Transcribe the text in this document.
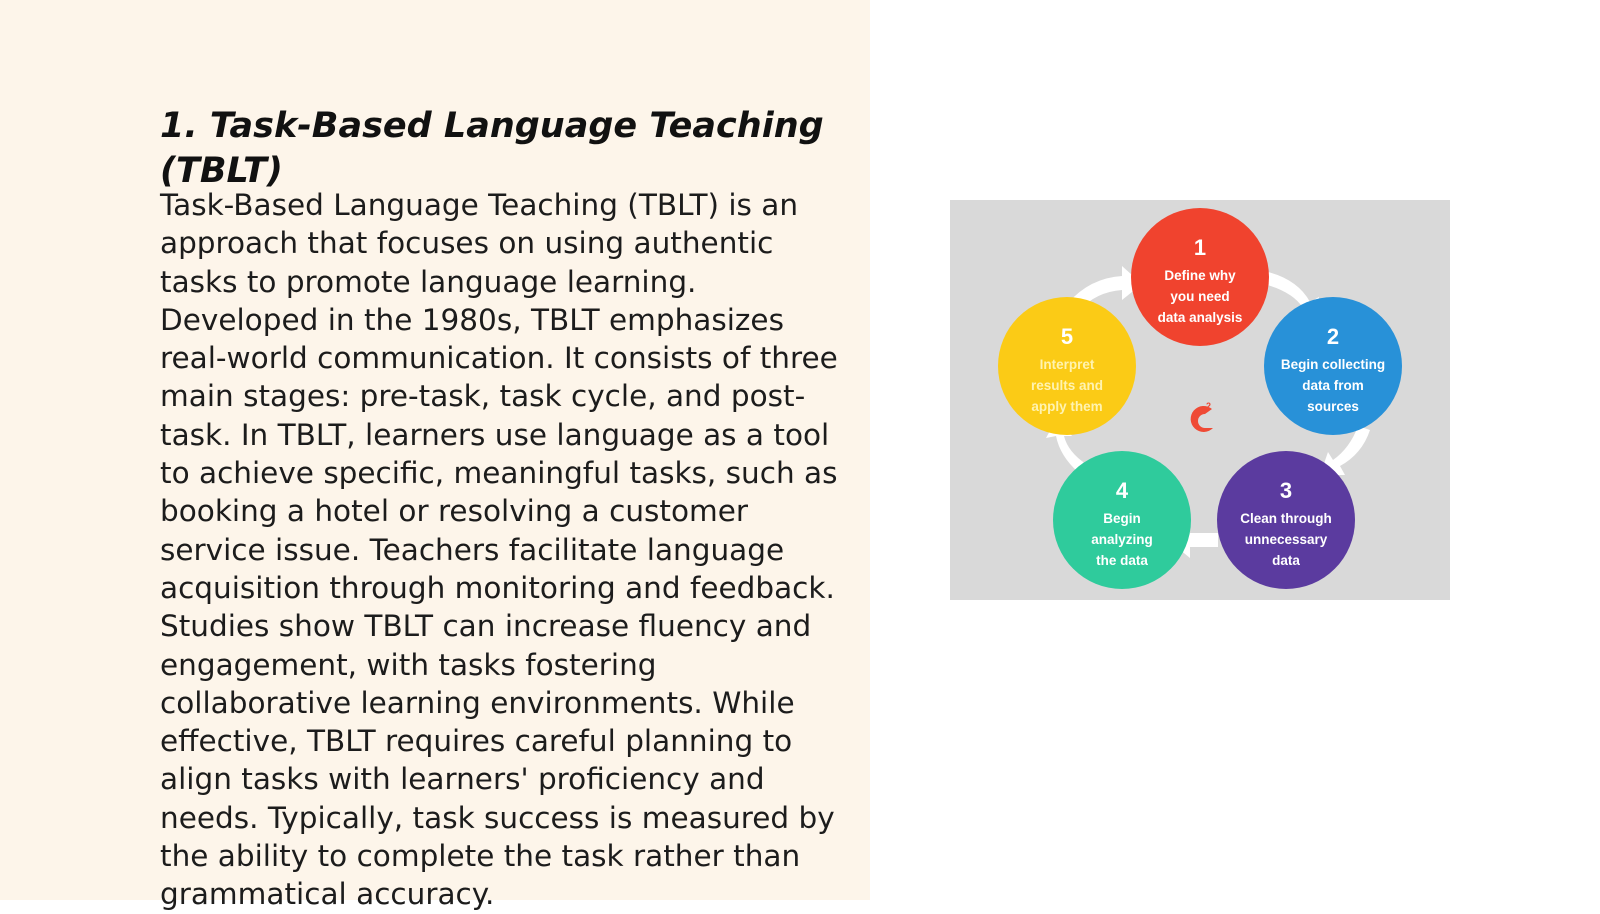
1. Task-Based Language Teaching (TBLT)

Task-Based Language Teaching (TBLT) is an approach that focuses on using authentic tasks to promote language learning. Developed in the 1980s, TBLT emphasizes real-world communication. It consists of three main stages: pre-task, task cycle, and post-task. In TBLT, learners use language as a tool to achieve specific, meaningful tasks, such as booking a hotel or resolving a customer service issue. Teachers facilitate language acquisition through monitoring and feedback. Studies show TBLT can increase fluency and engagement, with tasks fostering collaborative learning environments. While effective, TBLT requires careful planning to align tasks with learners' proficiency and needs. Typically, task success is measured by the ability to complete the task rather than grammatical accuracy.

1
Define why
you need
data analysis
2
Begin collecting
data from
sources
3
Clean through
unnecessary
data
4
Begin
analyzing
the data
5
Interpret
results and
apply them	2
